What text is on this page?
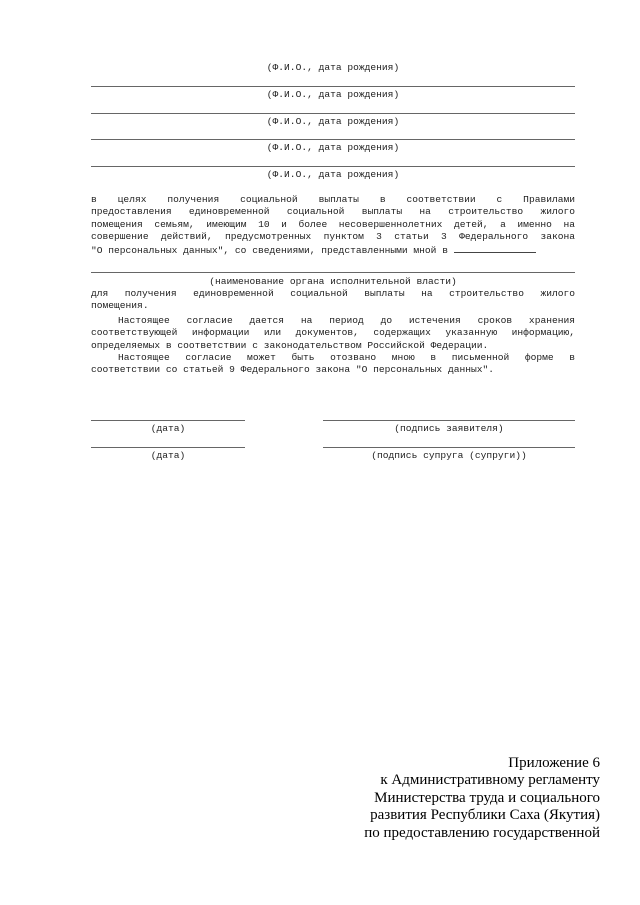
(Ф.И.О., дата рождения)
(Ф.И.О., дата рождения)
(Ф.И.О., дата рождения)
(Ф.И.О., дата рождения)
(Ф.И.О., дата рождения)
в целях получения социальной выплаты в соответствии с Правилами
предоставления единовременной социальной выплаты на строительство жилого
помещения семьям, имеющим 10 и более несовершеннолетних детей, а именно на
совершение действий, предусмотренных пунктом 3 статьи 3 Федерального закона
"О персональных данных", со сведениями, представленными мной в
(наименование органа исполнительной власти)
для получения единовременной социальной выплаты на строительство жилого
помещения.
Настоящее согласие дается на период до истечения сроков хранения
соответствующей информации или документов, содержащих указанную информацию,
определяемых в соответствии с законодательством Российской Федерации.
Настоящее согласие может быть отозвано мною в письменной форме в
соответствии со статьей 9 Федерального закона "О персональных данных".
(дата)	(подпись заявителя)
(дата)	(подпись супруга (супруги))
Приложение 6
к Административному регламенту
Министерства труда и социального
развития Республики Саха (Якутия)
по предоставлению государственной
